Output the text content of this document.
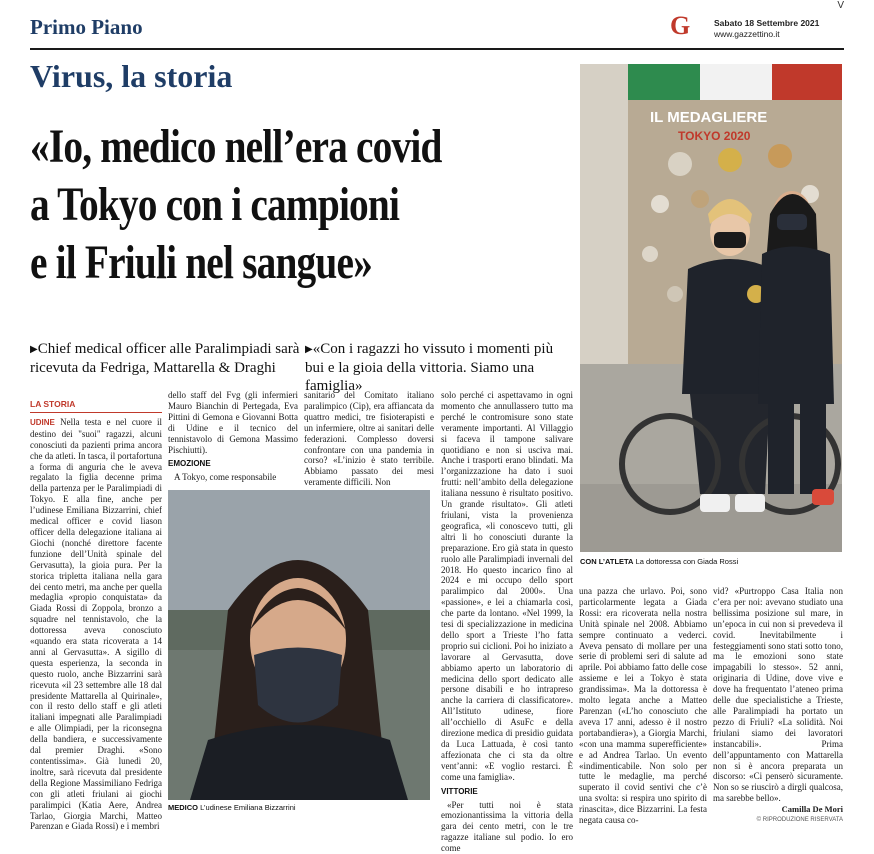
Primo Piano	G	Sabato 18 Settembre 2021
www.gazzettino.it
V
Virus, la storia
«Io, medico nell’era covid
a Tokyo con i campioni
e il Friuli nel sangue»
▶Chief medical officer alle Paralimpiadi sarà ricevuta da Fedriga, Mattarella & Draghi
▶«Con i ragazzi ho vissuto i momenti più bui e la gioia della vittoria. Siamo una famiglia»
IL MEDAGLIERE
TOKYO 2020
CON L’ATLETA La dottoressa con Giada Rossi
MEDICO L’udinese Emiliana Bizzarrini
LA STORIA

UDINE Nella testa e nel cuore il destino dei "suoi" ragazzi, alcuni conosciuti da pazienti prima ancora che da atleti. In tasca, il portafortuna a forma di anguria che le aveva regalato la figlia decenne prima della partenza per le Paralimpiadi di Tokyo. E alla fine, anche per l’udinese Emiliana Bizzarrini, chief medical officer e covid liason officer della delegazione italiana ai Giochi (nonché direttore facente funzione dell’Unità spinale del Gervasutta), la gioia pura. Per la storica tripletta italiana nella gara dei cento metri, ma anche per quella medaglia «propio conquistata» da Giada Rossi di Zoppola, bronzo a squadre nel tennistavolo, che la dottoressa aveva conosciuto «quando era stata ricoverata a 14 anni al Gervasutta». A sigillo di questa esperienza, la seconda in questo ruolo, anche Bizzarrini sarà ricevuta «il 23 settembre alle 18 dal presidente Mattarella al Quirinale», con il resto dello staff e gli atleti italiani impegnati alle Paralimpiadi e alle Olimpiadi, per la riconsegna della bandiera, e successivamente dal premier Draghi. «Sono contentissima». Già lunedì 20, inoltre, sarà ricevuta dal presidente della Regione Massimiliano Fedriga con gli atleti friulani ai giochi paralimpici (Katia Aere, Andrea Tarlao, Giorgia Marchi, Matteo Parenzan e Giada Rossi) e i membri

dello staff del Fvg (gli infermieri Mauro Bianchin di Pertegada, Eva Pittini di Gemona e Giovanni Botta di Udine e il tecnico del tennistavolo di Gemona Massimo Pischiutti).

EMOZIONE

A Tokyo, come responsabile

sanitario del Comitato italiano paralimpico (Cip), era affiancata da quattro medici, tre fisioterapisti e un infermiere, oltre ai sanitari delle federazioni. Complesso doversi confrontare con una pandemia in corso? «L’inizio è stato terribile. Abbiamo passato dei mesi veramente difficili. Non

solo perché ci aspettavamo in ogni momento che annullassero tutto ma perché le contromisure sono state veramente importanti. Al Villaggio si faceva il tampone salivare quotidiano e non si usciva mai. Anche i trasporti erano blindati. Ma l’organizzazione ha dato i suoi frutti: nell’ambito della delegazione italiana nessuno è risultato positivo. Un grande risultato». Gli atleti friulani, vista la provenienza geografica, «li conoscevo tutti, gli altri li ho conosciuti durante la preparazione. Ero già stata in questo ruolo alle Paralimpiadi invernali del 2018. Ho questo incarico fino al 2024 e mi occupo dello sport paralimpico dal 2000». Una «passione», e lei a chiamarla così, che parte da lontano. «Nel 1999, la tesi di specializzazione in medicina dello sport a Trieste l’ho fatta proprio sui ciclioni. Poi ho iniziato a lavorare al Gervasutta, dove abbiamo aperto un laboratorio di medicina dello sport dedicato alle persone disabili e ho intrapreso anche la carriera di classificatore». All’Istituto udinese, fiore all’occhiello di AsuFc e della direzione medica di presidio guidata da Luca Lattuada, è così tanto affezionata che ci sta da oltre vent’anni: «E voglio restarci. È come una famiglia».

VITTORIE

«Per tutti noi è stata emozionantissima la vittoria della gara dei cento metri, con le tre ragazze italiane sul podio. Io ero come

una pazza che urlavo. Poi, sono particolarmente legata a Giada Rossi: era ricoverata nella nostra Unità spinale nel 2008. Abbiamo sempre continuato a vederci. Aveva pensato di mollare per una serie di problemi seri di salute ad aprile. Poi abbiamo fatto delle cose assieme e lei a Tokyo è stata grandissima». Ma la dottoressa è molto legata anche a Matteo Parenzan («L’ho conosciuto che aveva 17 anni, adesso è il nostro portabandiera»), a Giorgia Marchi, «con una mamma superefficiente» e ad Andrea Tarlao. Un evento «indimenticabile. Non solo per tutte le medaglie, ma perché superato il covid sentivi che c’è una svolta: si respira uno spirito di rinascita», dice Bizzarrini. La festa negata causa co-

vid? «Purtroppo Casa Italia non c’era per noi: avevano studiato una bellissima posizione sul mare, in un’epoca in cui non si prevedeva il covid. Inevitabilmente i festeggiamenti sono stati sotto tono, ma le emozioni sono state impagabili lo stesso». 52 anni, originaria di Udine, dove vive e dove ha frequentato l’ateneo prima delle due specialistiche a Trieste, alle Paralimpiadi ha portato un pezzo di Friuli? «La solidità. Noi friulani siamo dei lavoratori instancabili». Prima dell’appuntamento con Mattarella non si è ancora preparata un discorso: «Ci penserò sicuramente. Non so se riuscirò a dirgli qualcosa, ma sarebbe bello».

Camilla De Mori
© RIPRODUZIONE RISERVATA
